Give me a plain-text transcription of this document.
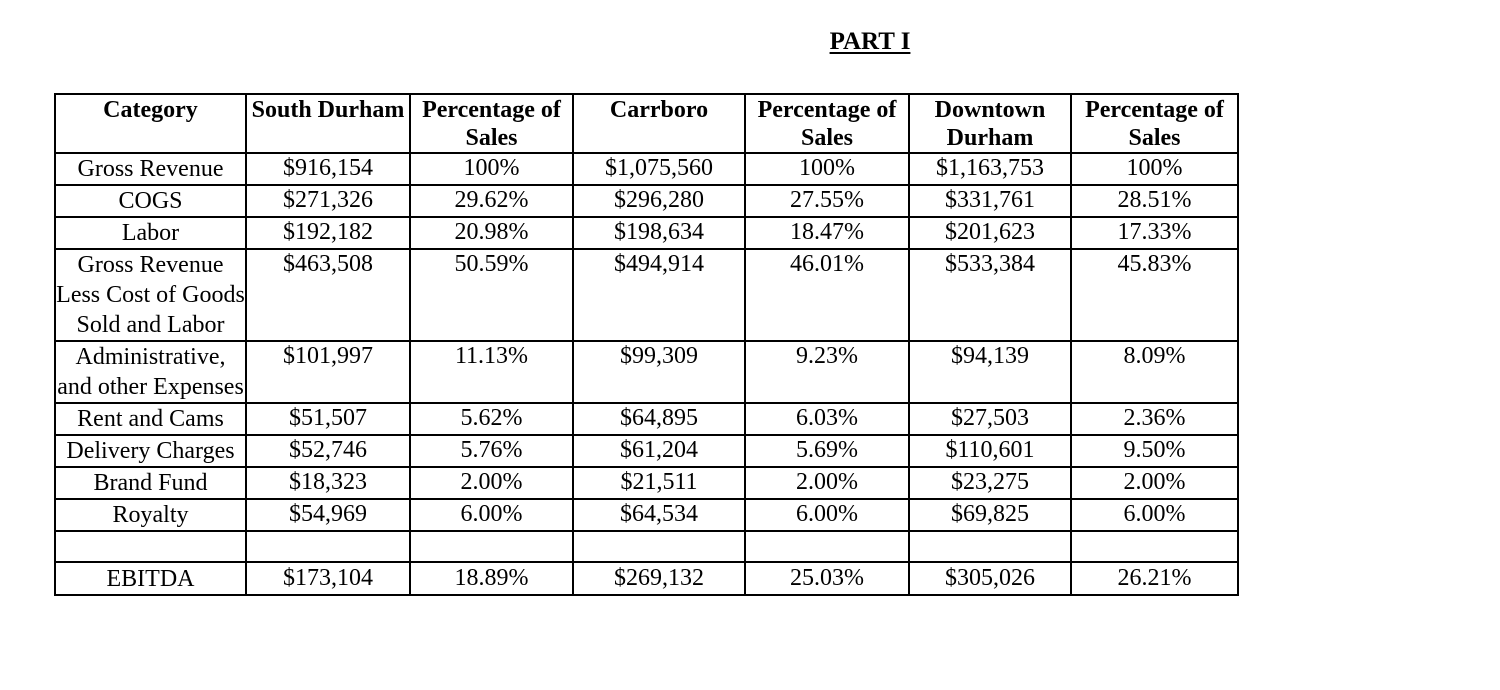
PART I
Category	South Durham	Percentage of Sales	Carrboro	Percentage of Sales	Downtown Durham	Percentage of Sales
Gross Revenue	$916,154	100%	$1,075,560	100%	$1,163,753	100%
COGS	$271,326	29.62%	$296,280	27.55%	$331,761	28.51%
Labor	$192,182	20.98%	$198,634	18.47%	$201,623	17.33%
Gross Revenue Less Cost of Goods Sold and Labor	$463,508	50.59%	$494,914	46.01%	$533,384	45.83%
Administrative, and other Expenses	$101,997	11.13%	$99,309	9.23%	$94,139	8.09%
Rent and Cams	$51,507	5.62%	$64,895	6.03%	$27,503	2.36%
Delivery Charges	$52,746	5.76%	$61,204	5.69%	$110,601	9.50%
Brand Fund	$18,323	2.00%	$21,511	2.00%	$23,275	2.00%
Royalty	$54,969	6.00%	$64,534	6.00%	$69,825	6.00%

EBITDA	$173,104	18.89%	$269,132	25.03%	$305,026	26.21%
